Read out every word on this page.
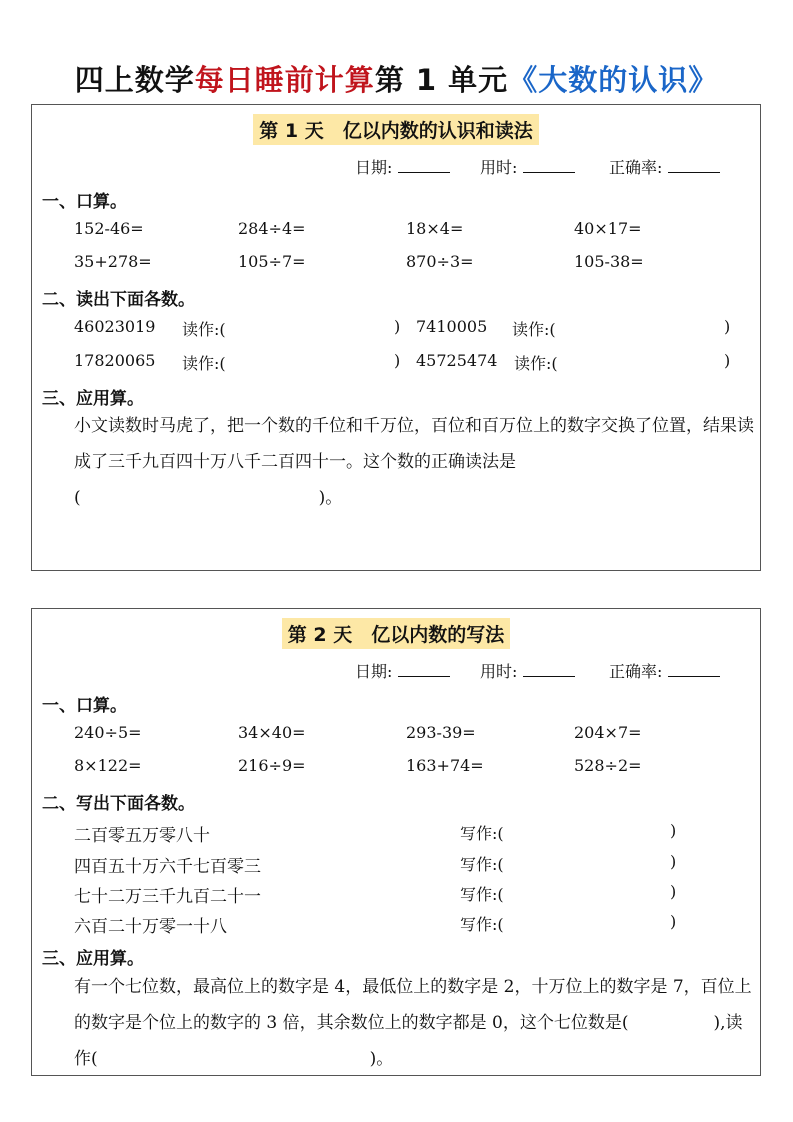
四上数学每日睡前计算第 1 单元《大数的认识》
第 1 天　亿以内数的认识和读法
日期:	用时:	正确率:
一、口算。
152-46=	284÷4=	18×4=	40×17=
35+278=	105÷7=	870÷3=	105-38=
二、读出下面各数。
46023019 读作:(	) 7410005 读作:(	)
17820065 读作:(	) 45725474 读作:(	)
三、应用算。
小文读数时马虎了，把一个数的千位和千万位，百位和百万位上的数字交换了位置，结果读成了三千九百四十万八千二百四十一。这个数的正确读法是(　　　　　　　　　　　　　　)。
第 2 天　亿以内数的写法
日期:	用时:	正确率:
一、口算。
240÷5=	34×40=	293-39=	204×7=
8×122=	216÷9=	163+74=	528÷2=
二、写出下面各数。
二百零五万零八十	写作:(	)
四百五十万六千七百零三	写作:(	)
七十二万三千九百二十一	写作:(	)
六百二十万零一十八	写作:(	)
三、应用算。
有一个七位数，最高位上的数字是 4，最低位上的数字是 2，十万位上的数字是 7，百位上的数字是个位上的数字的 3 倍，其余数位上的数字都是 0，这个七位数是(　　　　　),读作(　　　　　　　　　　　　　　　　)。
